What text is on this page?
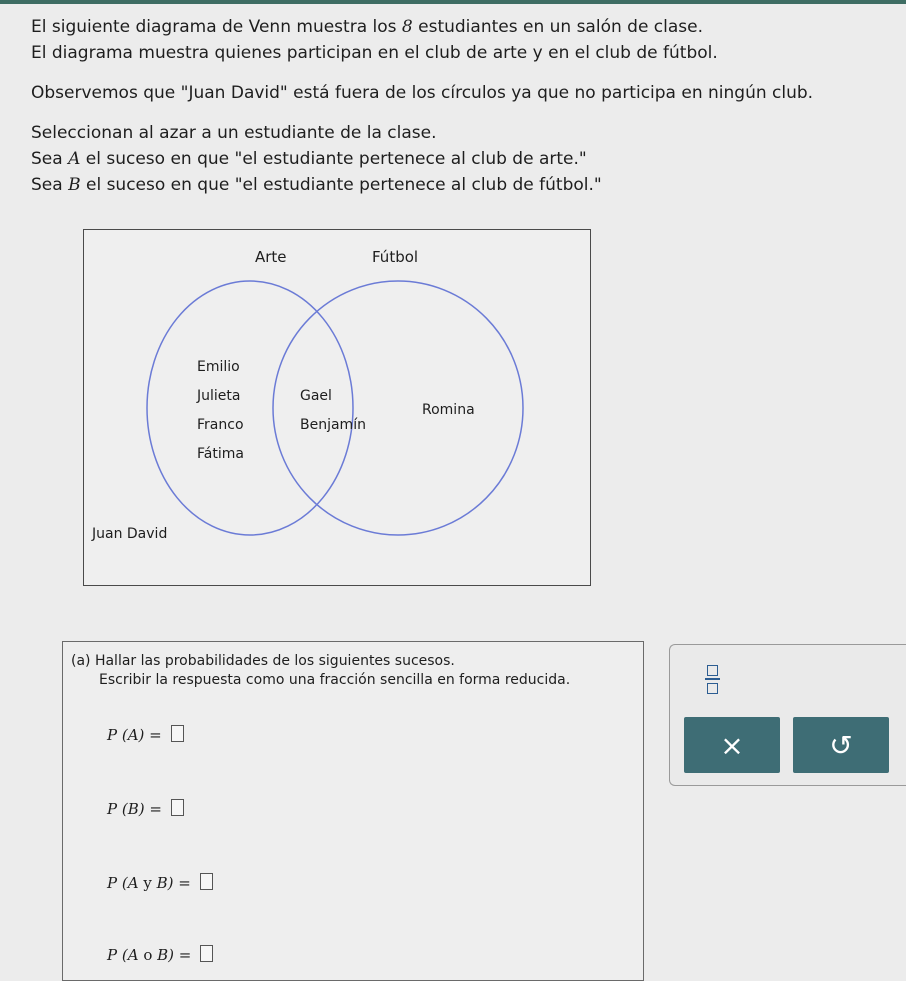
El siguiente diagrama de Venn muestra los 8 estudiantes en un salón de clase.

El diagrama muestra quienes participan en el club de arte y en el club de fútbol.

Observemos que "Juan David" está fuera de los círculos ya que no participa en ningún club.

Seleccionan al azar a un estudiante de la clase.

Sea A el suceso en que "el estudiante pertenece al club de arte."

Sea B el suceso en que "el estudiante pertenece al club de fútbol."

Arte	Fútbol
Emilio
Julieta
Franco
Fátima
Gael
Benjamín
Romina
Juan David
(a) Hallar las probabilidades de los siguientes sucesos.
Escribir la respuesta como una fracción sencilla en forma reducida.
P (A) =
P (B) =
P (A y B) =
P (A o B) =
×	↺
